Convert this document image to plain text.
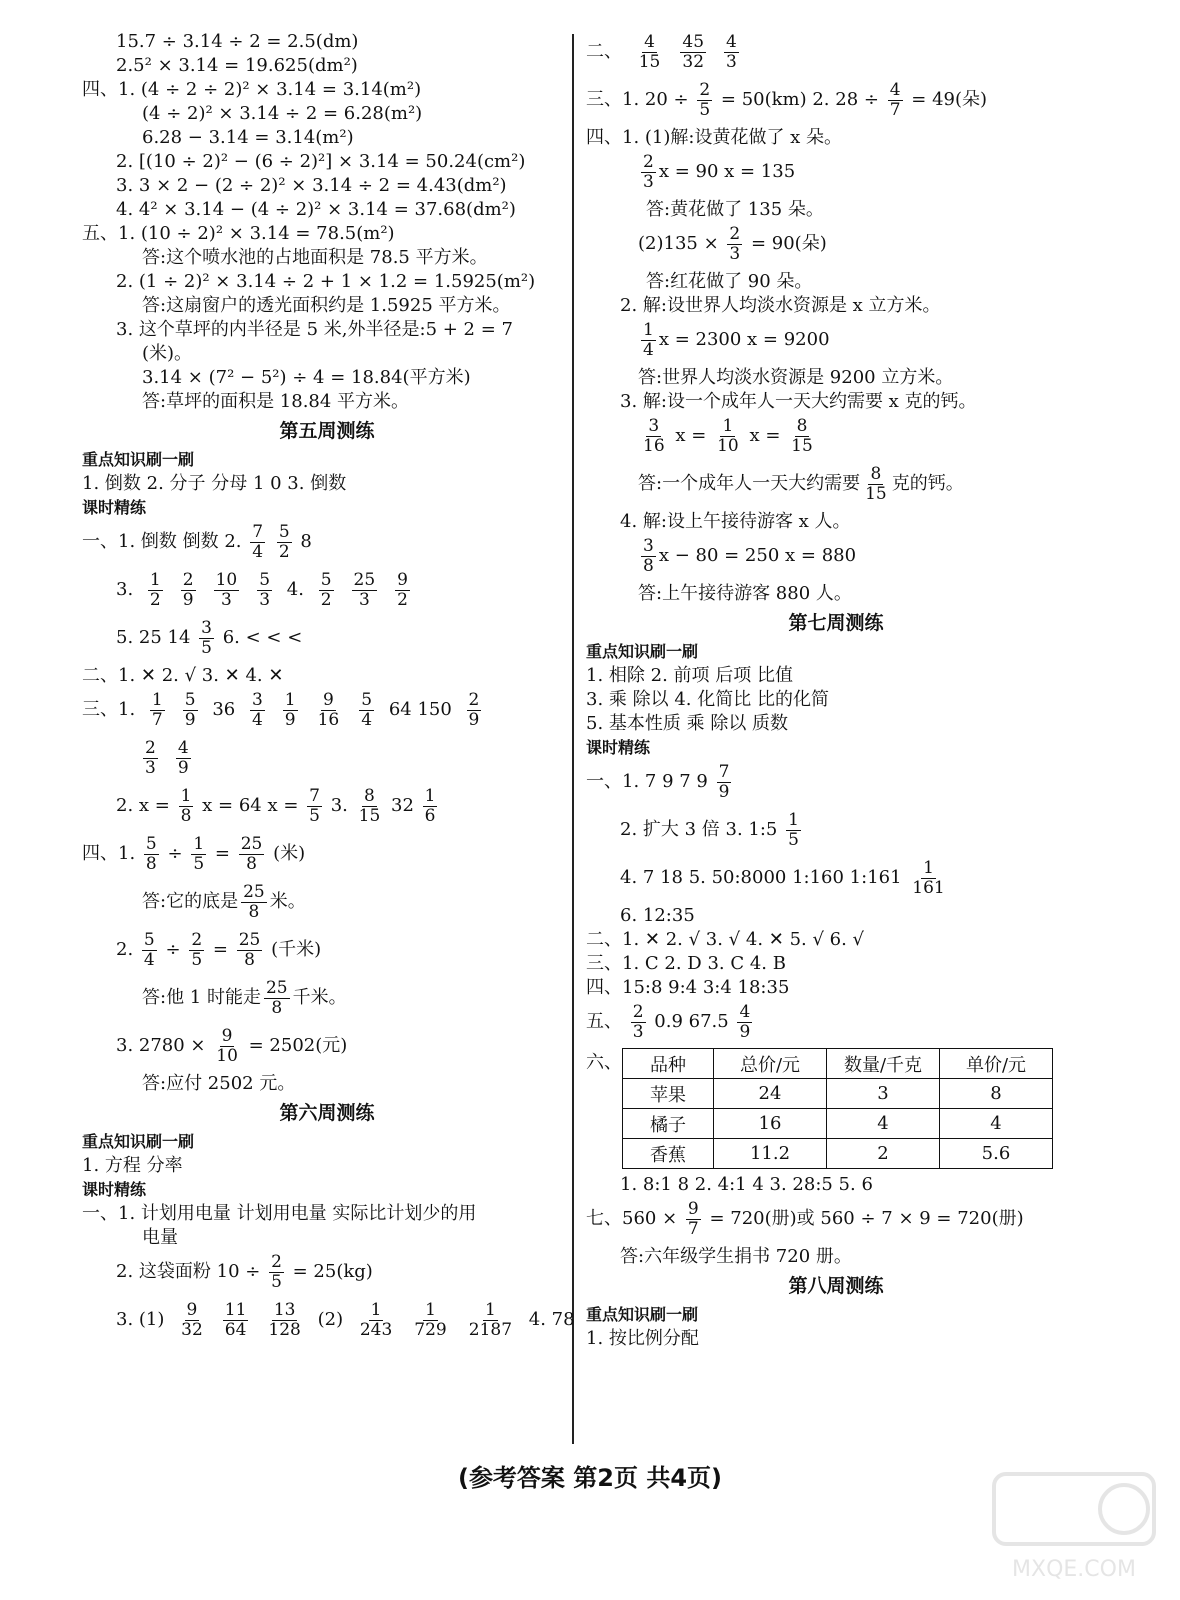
15.7 ÷ 3.14 ÷ 2 = 2.5(dm)
2.5² × 3.14 = 19.625(dm²)
四、1. (4 ÷ 2 ÷ 2)² × 3.14 = 3.14(m²)
(4 ÷ 2)² × 3.14 ÷ 2 = 6.28(m²)
6.28 − 3.14 = 3.14(m²)
2. [(10 ÷ 2)² − (6 ÷ 2)²] × 3.14 = 50.24(cm²)
3. 3 × 2 − (2 ÷ 2)² × 3.14 ÷ 2 = 4.43(dm²)
4. 4² × 3.14 − (4 ÷ 2)² × 3.14 = 37.68(dm²)
五、1. (10 ÷ 2)² × 3.14 = 78.5(m²)
答:这个喷水池的占地面积是 78.5 平方米。
2. (1 ÷ 2)² × 3.14 ÷ 2 + 1 × 1.2 = 1.5925(m²)
答:这扇窗户的透光面积约是 1.5925 平方米。
3. 这个草坪的内半径是 5 米,外半径是:5 + 2 = 7
(米)。
3.14 × (7² − 5²) ÷ 4 = 18.84(平方米)
答:草坪的面积是 18.84 平方米。
第五周测练
重点知识刷一刷
1. 倒数 2. 分子 分母 1 0 3. 倒数
课时精练
一、1. 倒数 倒数 2. $\frac{7}{4}$
$\frac{5}{2} 8$
3. $\frac{1}{2} \frac{2}{9} \frac{10}{3} \frac{5}{3} 4$. $\frac{5}{2} \frac{25}{3} \frac{9}{2}$
5. 25 $14 \frac{3}{5} 6$. < < <
二、1. ✕ 2. √ 3. ✕ 4. ✕
三、1. $\frac{1}{7} \frac{5}{9} 36 \frac{3}{4} \frac{1}{9} \frac{9}{16} \frac{5}{4} 64$ $150 \frac{2}{9}$
$\frac{2}{3} \frac{4}{9}$
2. $x = \frac{1}{8}$ x = 64 $x = \frac{7}{5} 3$. $\frac{8}{15} 32 \frac{1}{6}$
四、1. $\frac{5}{8} \div \frac{1}{5} = \frac{25}{8}$ (米)
答:它的底是 $\frac{25}{8}$ 米。
2. $\frac{5}{4} \div \frac{2}{5} = \frac{25}{8}$ (千米)
答:他 1 时能走 $\frac{25}{8}$ 千米。
3. $2780 \times \frac{9}{10} = 2502$(元)
答:应付 2502 元。
第六周测练
重点知识刷一刷
1. 方程 分率
课时精练
一、1. 计划用电量 计划用电量 实际比计划少的用
电量
2. 这袋面粉 $10 \div \frac{2}{5} = 25(kg)$
3. $(1) \frac{9}{32} \frac{11}{64} \frac{13}{128} (2) \frac{1}{243} \frac{1}{729} \frac{1}{2187} 4$. 78
二、 $\frac{4}{15} \frac{45}{32} \frac{4}{3}$
三、1. $20 \div \frac{2}{5} = 50(km)$ 2. $28 \div \frac{4}{7} = 49$(朵)
四、1. (1)解:设黄花做了 x 朵。
$\frac{2}{3}$ x = 90 x = 135
答:黄花做了 135 朵。
$(2)135 \times \frac{2}{3} = 90$(朵)
答:红花做了 90 朵。
2. 解:设世界人均淡水资源是 x 立方米。
$\frac{1}{4}$ x = 2300 x = 9200
答:世界人均淡水资源是 9200 立方米。
3. 解:设一个成年人一天大约需要 x 克的钙。
$\frac{3}{16}$ $x = \frac{1}{10}$ $x = \frac{8}{15}$
答:一个成年人一天大约需要 $\frac{8}{15}$ 克的钙。
4. 解:设上午接待游客 x 人。
$\frac{3}{8}$ x − 80 = 250 x = 880
答:上午接待游客 880 人。
第七周测练
重点知识刷一刷
1. 相除 2. 前项 后项 比值
3. 乘 除以 4. 化简比 比的化简
5. 基本性质 乘 除以 质数
课时精练
一、1. 7 9 7 $9 \frac{7}{9}$
2. 扩大 3 倍 3. 1:5 $\frac{1}{5}$
4. 7 18 5. 50:8000 1:160 1:161 $\frac{1}{161}$
6. 12:35
二、1. ✕ 2. √ 3. √ 4. ✕ 5. √ 6. √
三、1. C 2. D 3. C 4. B
四、15:8 9:4 3:4 18:35
五、 $\frac{2}{3} 0.9$ $67.5 \frac{4}{9}$
六、 品种	总价/元	数量/千克	单价/元
苹果	24	3	8
橘子	16	4	4
香蕉	11.2	2	5.6
1. 8:1 8 2. 4:1 4 3. 28:5 5. 6
七、$560 \times \frac{9}{7} = 720$(册)或 560 ÷ 7 × 9 = 720(册)
答:六年级学生捐书 720 册。
第八周测练
重点知识刷一刷
1. 按比例分配
(参考答案 第2页 共4页)
MXQE.COM
